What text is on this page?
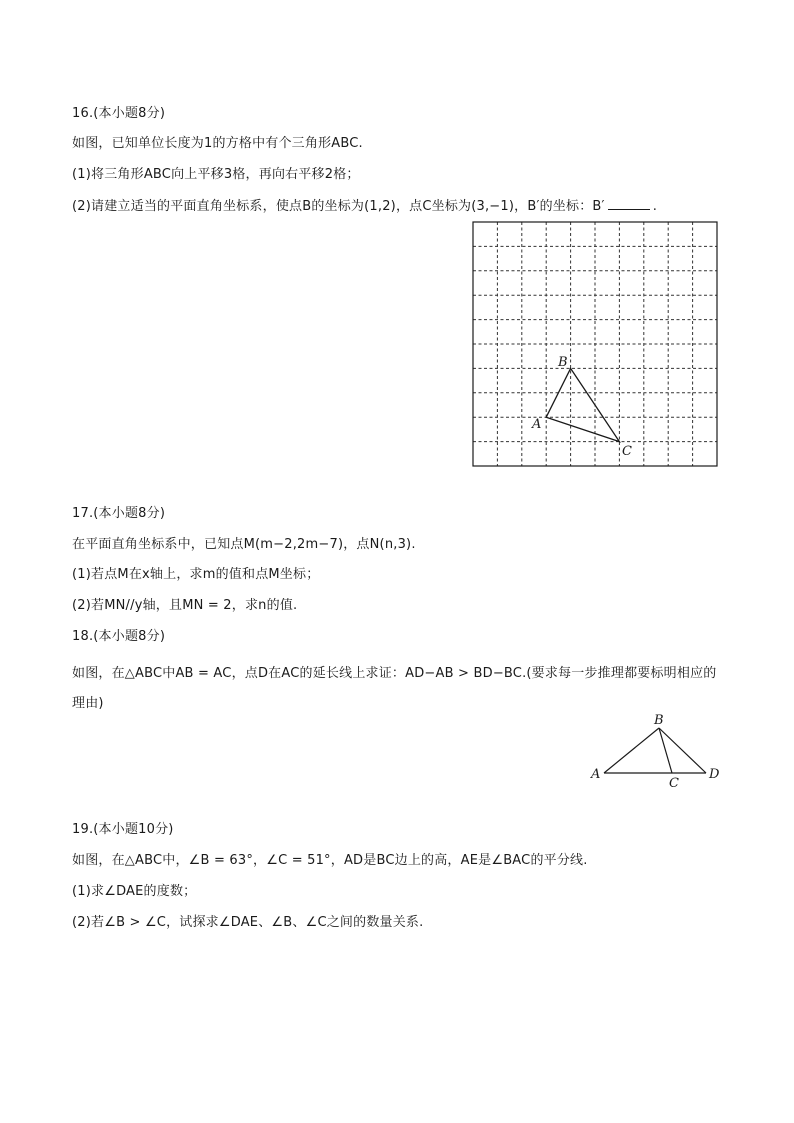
16.(本小题8分)
如图，已知单位长度为1的方格中有个三角形ABC.
(1)将三角形ABC向上平移3格，再向右平移2格；
(2)请建立适当的平面直角坐标系，使点B的坐标为(1,2)，点C坐标为(3,−1)，B′的坐标：B′	.
A
B
C
17.(本小题8分)
在平面直角坐标系中，已知点M(m−2,2m−7)，点N(n,3).
(1)若点M在x轴上，求m的值和点M坐标；
(2)若MN//y轴，且MN = 2，求n的值.
18.(本小题8分)
如图，在△ABC中AB = AC，点D在AC的延长线上求证：AD−AB > BD−BC.(要求每一步推理都要标明相应的理由)
A
B
C
D
19.(本小题10分)
如图，在△ABC中，∠B = 63°，∠C = 51°，AD是BC边上的高，AE是∠BAC的平分线.
(1)求∠DAE的度数；
(2)若∠B > ∠C，试探求∠DAE、∠B、∠C之间的数量关系.
